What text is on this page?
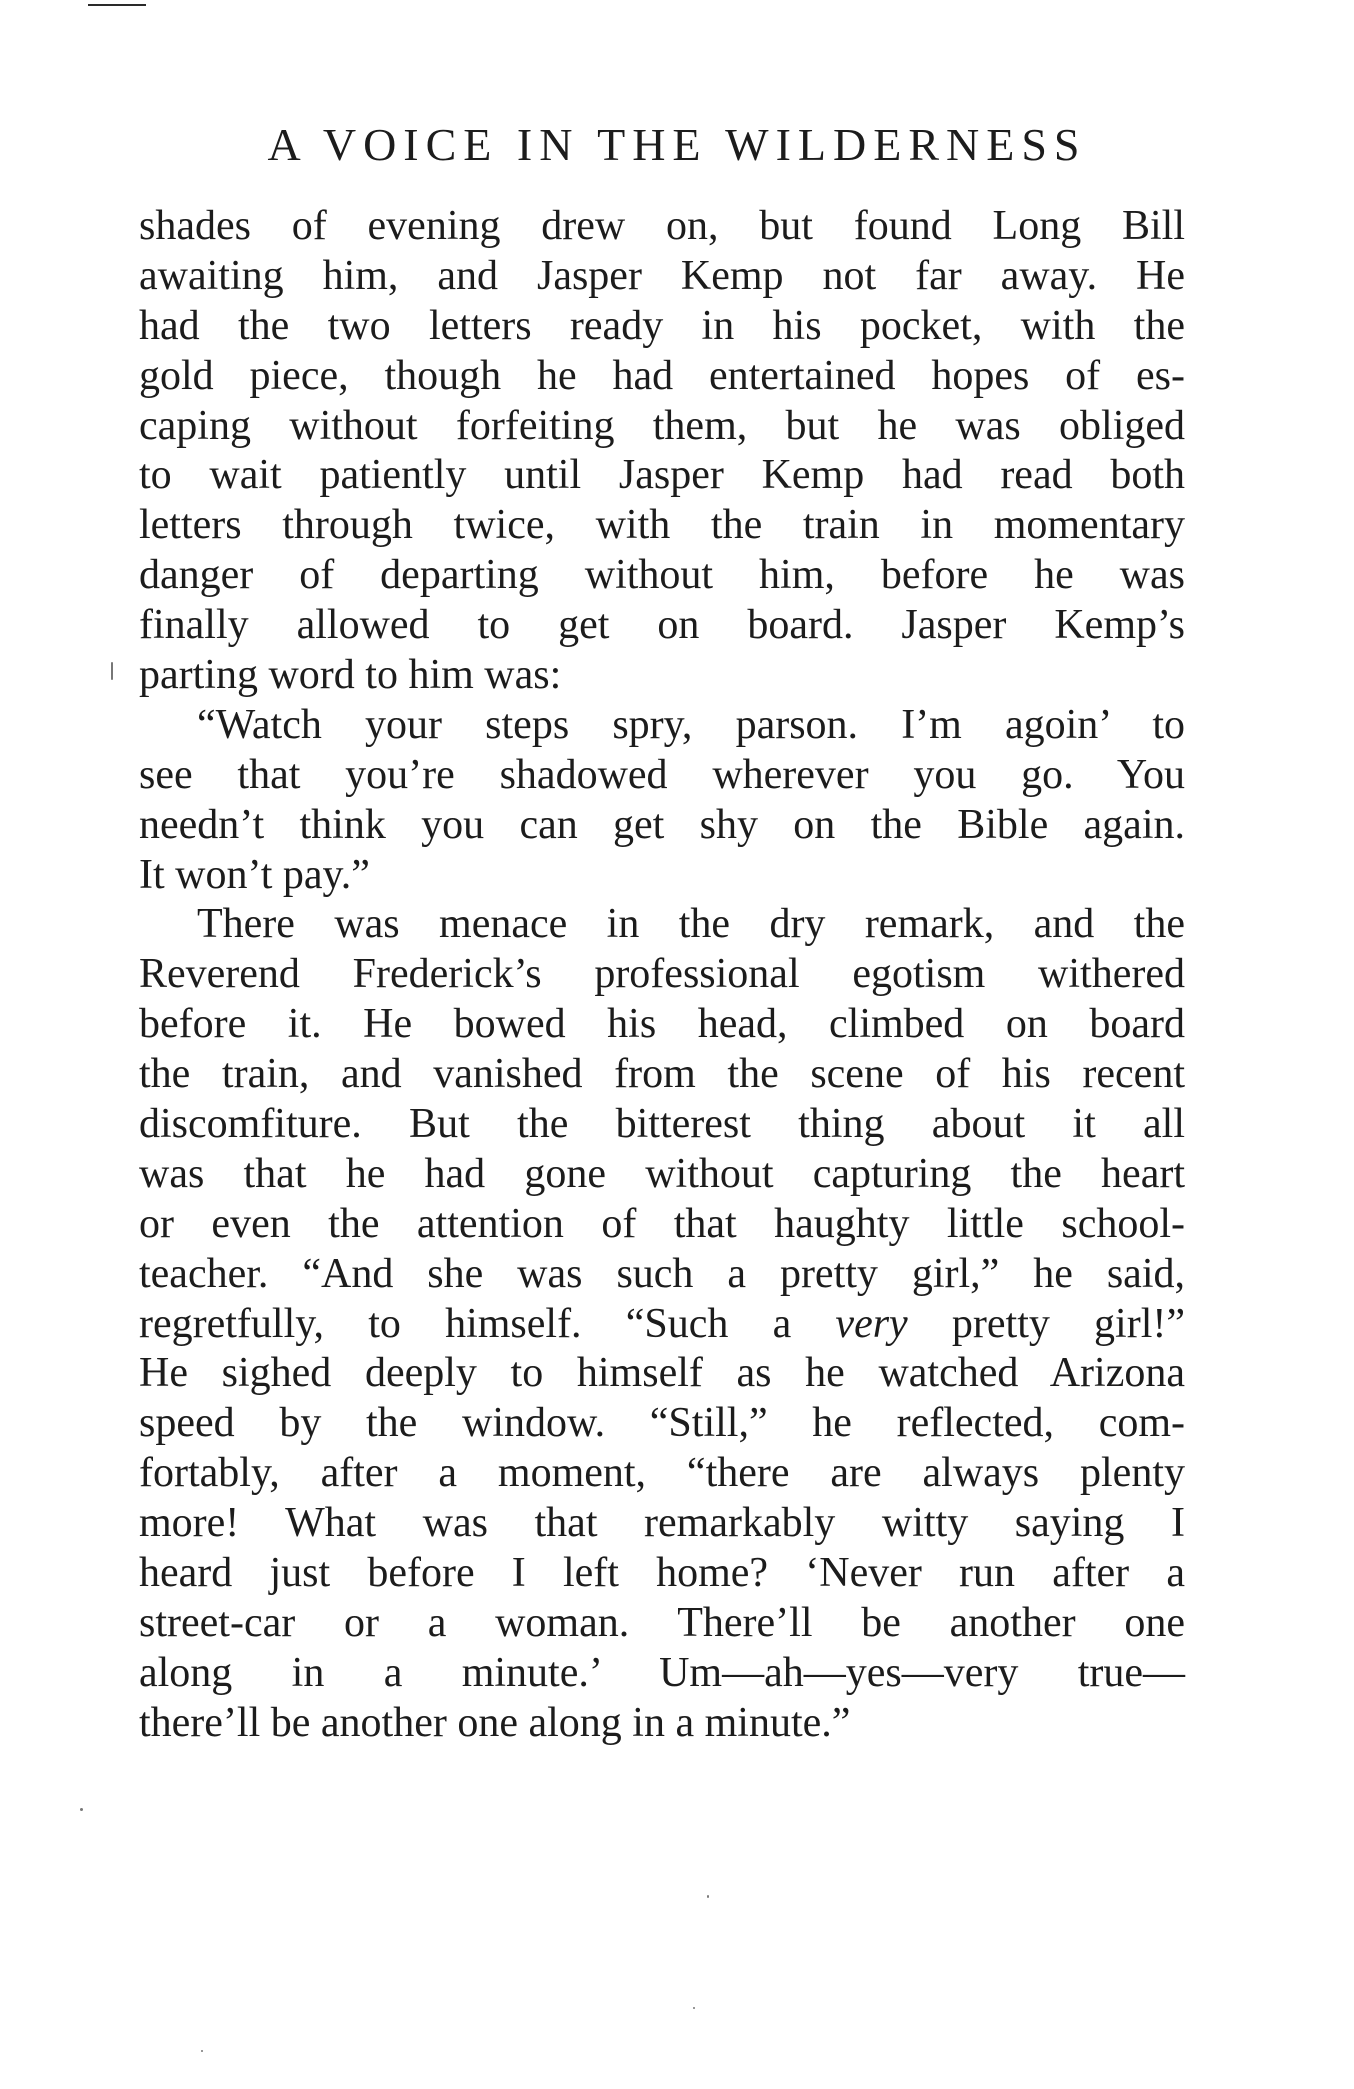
A VOICE IN THE WILDERNESS
shades of evening drew on, but found Long Bill
awaiting him, and Jasper Kemp not far away. He
had the two letters ready in his pocket, with the
gold piece, though he had entertained hopes of es-
caping without forfeiting them, but he was obliged
to wait patiently until Jasper Kemp had read both
letters through twice, with the train in momentary
danger of departing without him, before he was
finally allowed to get on board. Jasper Kemp’s
parting word to him was:
“Watch your steps spry, parson. I’m agoin’ to
see that you’re shadowed wherever you go. You
needn’t think you can get shy on the Bible again.
It won’t pay.”
There was menace in the dry remark, and the
Reverend Frederick’s professional egotism withered
before it. He bowed his head, climbed on board
the train, and vanished from the scene of his recent
discomfiture. But the bitterest thing about it all
was that he had gone without capturing the heart
or even the attention of that haughty little school-
teacher. “And she was such a pretty girl,” he said,
regretfully, to himself. “Such a very pretty girl!”
He sighed deeply to himself as he watched Arizona
speed by the window. “Still,” he reflected, com-
fortably, after a moment, “there are always plenty
more! What was that remarkably witty saying I
heard just before I left home? ‘Never run after a
street-car or a woman. There’ll be another one
along in a minute.’ Um—ah—yes—very true—
there’ll be another one along in a minute.”
